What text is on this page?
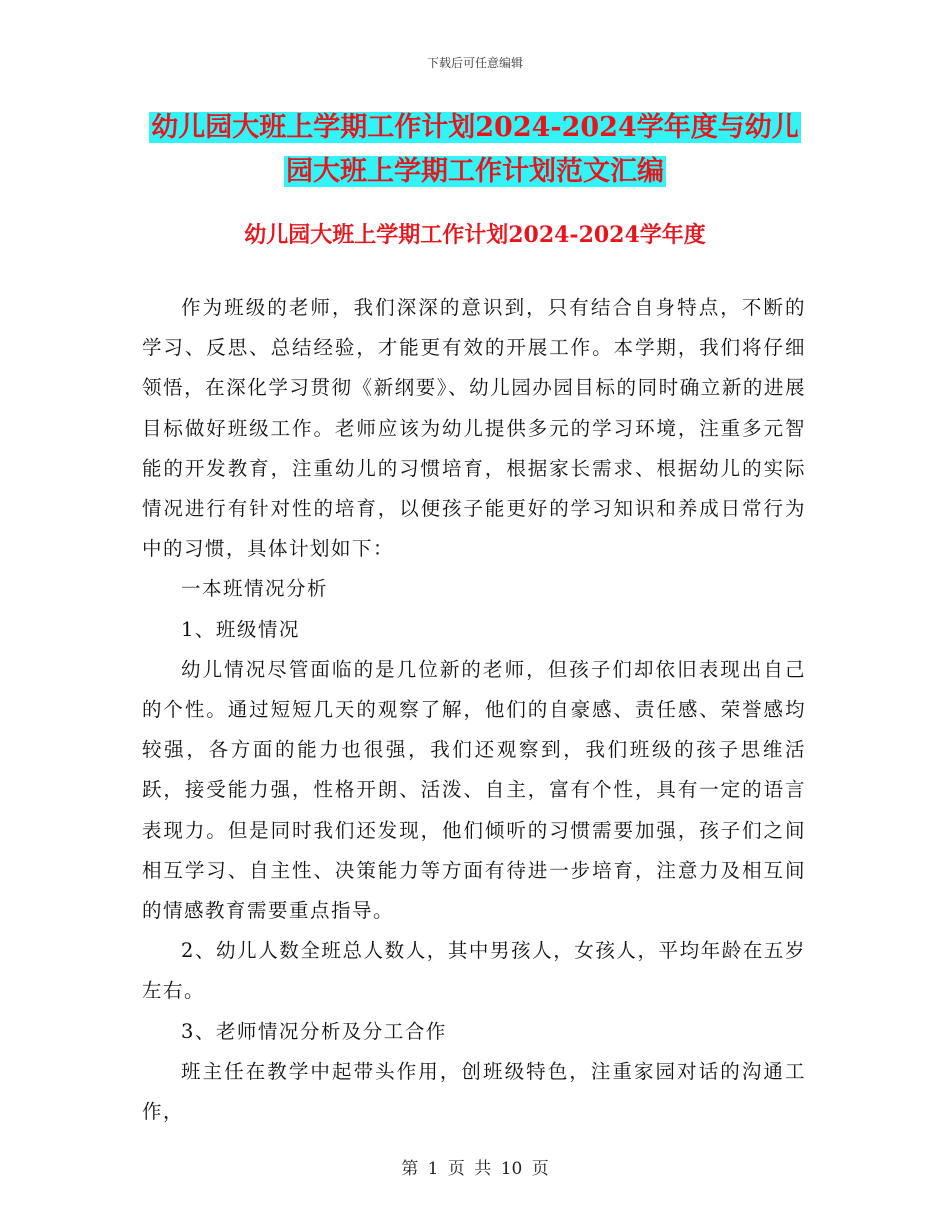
下载后可任意编辑
幼儿园大班上学期工作计划2024-2024学年度与幼儿
园大班上学期工作计划范文汇编
幼儿园大班上学期工作计划2024-2024学年度

作为班级的老师，我们深深的意识到，只有结合自身特点，不断的学习、反思、总结经验，才能更有效的开展工作。本学期，我们将仔细领悟，在深化学习贯彻《新纲要》、幼儿园办园目标的同时确立新的进展目标做好班级工作。老师应该为幼儿提供多元的学习环境，注重多元智能的开发教育，注重幼儿的习惯培育，根据家长需求、根据幼儿的实际情况进行有针对性的培育，以便孩子能更好的学习知识和养成日常行为中的习惯，具体计划如下：

一本班情况分析

1、班级情况

幼儿情况尽管面临的是几位新的老师，但孩子们却依旧表现出自己的个性。通过短短几天的观察了解，他们的自豪感、责任感、荣誉感均较强，各方面的能力也很强，我们还观察到，我们班级的孩子思维活跃，接受能力强，性格开朗、活泼、自主，富有个性，具有一定的语言表现力。但是同时我们还发现，他们倾听的习惯需要加强，孩子们之间相互学习、自主性、决策能力等方面有待进一步培育，注意力及相互间的情感教育需要重点指导。

2、幼儿人数全班总人数人，其中男孩人，女孩人，平均年龄在五岁左右。

3、老师情况分析及分工合作

班主任在教学中起带头作用，创班级特色，注重家园对话的沟通工作，

第 1 页 共 10 页
